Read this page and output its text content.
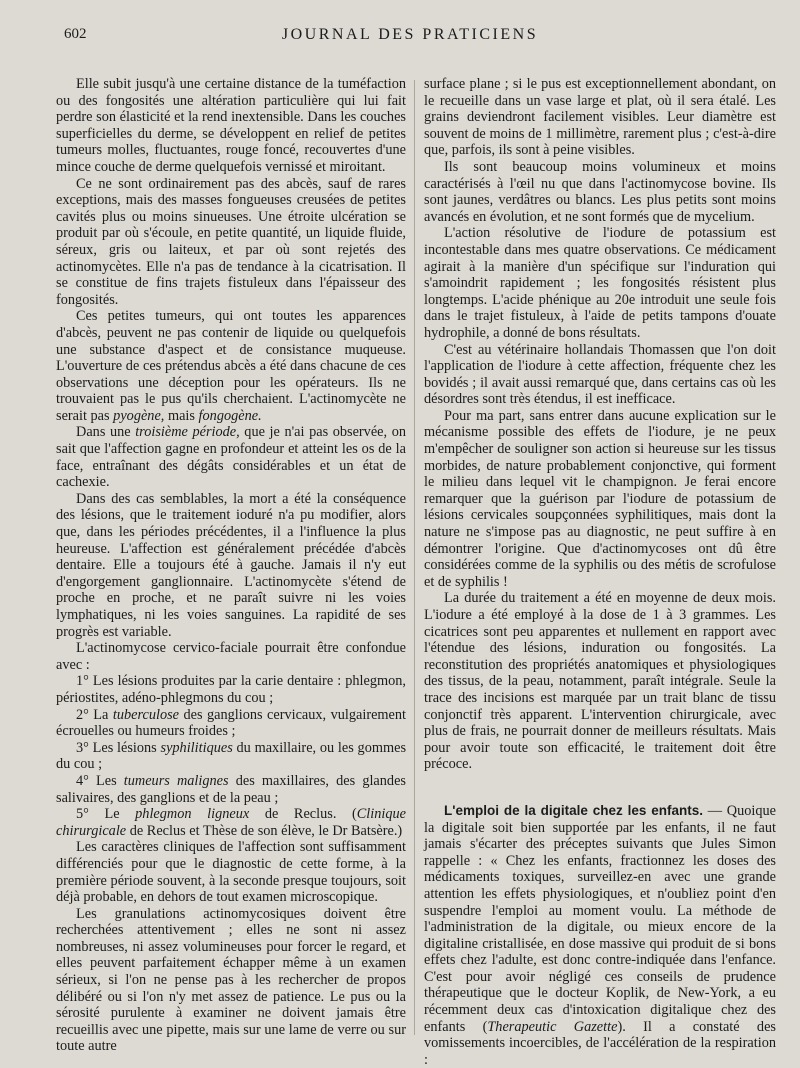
602	JOURNAL DES PRATICIENS

Elle subit jusqu'à une certaine distance de la tuméfaction ou des fongosités une altération particulière qui lui fait perdre son élasticité et la rend inextensible. Dans les couches superficielles du derme, se développent en relief de petites tumeurs molles, fluctuantes, rouge foncé, recouvertes d'une mince couche de derme quelquefois vernissé et miroitant.

Ce ne sont ordinairement pas des abcès, sauf de rares exceptions, mais des masses fongueuses creusées de petites cavités plus ou moins sinueuses. Une étroite ulcération se produit par où s'écoule, en petite quantité, un liquide fluide, séreux, gris ou laiteux, et par où sont rejetés des actinomycètes. Elle n'a pas de tendance à la cicatrisation. Il se constitue de fins trajets fistuleux dans l'épaisseur des fongosités.

Ces petites tumeurs, qui ont toutes les apparences d'abcès, peuvent ne pas contenir de liquide ou quelquefois une substance d'aspect et de consistance muqueuse. L'ouverture de ces prétendus abcès a été dans chacune de ces observations une déception pour les opérateurs. Ils ne trouvaient pas le pus qu'ils cherchaient. L'actinomycète ne serait pas pyogène, mais fongogène.

Dans une troisième période, que je n'ai pas observée, on sait que l'affection gagne en profondeur et atteint les os de la face, entraînant des dégâts considérables et un état de cachexie.

Dans des cas semblables, la mort a été la conséquence des lésions, que le traitement ioduré n'a pu modifier, alors que, dans les périodes précédentes, il a l'influence la plus heureuse. L'affection est généralement précédée d'abcès dentaire. Elle a toujours été à gauche. Jamais il n'y eut d'engorgement ganglionnaire. L'actinomycète s'étend de proche en proche, et ne paraît suivre ni les voies lymphatiques, ni les voies sanguines. La rapidité de ses progrès est variable.

L'actinomycose cervico-faciale pourrait être confondue avec :

1° Les lésions produites par la carie dentaire : phlegmon, périostites, adéno-phlegmons du cou ;

2° La tuberculose des ganglions cervicaux, vulgairement écrouelles ou humeurs froides ;

3° Les lésions syphilitiques du maxillaire, ou les gommes du cou ;

4° Les tumeurs malignes des maxillaires, des glandes salivaires, des ganglions et de la peau ;

5° Le phlegmon ligneux de Reclus. (Clinique chirurgicale de Reclus et Thèse de son élève, le Dr Batsère.)

Les caractères cliniques de l'affection sont suffisamment différenciés pour que le diagnostic de cette forme, à la première période souvent, à la seconde presque toujours, soit déjà probable, en dehors de tout examen microscopique.

Les granulations actinomycosiques doivent être recherchées attentivement ; elles ne sont ni assez nombreuses, ni assez volumineuses pour forcer le regard, et elles peuvent parfaitement échapper même à un examen sérieux, si l'on ne pense pas à les rechercher de propos délibéré ou si l'on n'y met assez de patience. Le pus ou la sérosité purulente à examiner ne doivent jamais être recueillis avec une pipette, mais sur une lame de verre ou sur toute autre

surface plane ; si le pus est exceptionnellement abondant, on le recueille dans un vase large et plat, où il sera étalé. Les grains deviendront facilement visibles. Leur diamètre est souvent de moins de 1 millimètre, rarement plus ; c'est-à-dire que, parfois, ils sont à peine visibles.

Ils sont beaucoup moins volumineux et moins caractérisés à l'œil nu que dans l'actinomycose bovine. Ils sont jaunes, verdâtres ou blancs. Les plus petits sont moins avancés en évolution, et ne sont formés que de mycelium.

L'action résolutive de l'iodure de potassium est incontestable dans mes quatre observations. Ce médicament agirait à la manière d'un spécifique sur l'induration qui s'amoindrit rapidement ; les fongosités résistent plus longtemps. L'acide phénique au 20e introduit une seule fois dans le trajet fistuleux, à l'aide de petits tampons d'ouate hydrophile, a donné de bons résultats.

C'est au vétérinaire hollandais Thomassen que l'on doit l'application de l'iodure à cette affection, fréquente chez les bovidés ; il avait aussi remarqué que, dans certains cas où les désordres sont très étendus, il est inefficace.

Pour ma part, sans entrer dans aucune explication sur le mécanisme possible des effets de l'iodure, je ne peux m'empêcher de souligner son action si heureuse sur les tissus morbides, de nature probablement conjonctive, qui forment le milieu dans lequel vit le champignon. Je ferai encore remarquer que la guérison par l'iodure de potassium de lésions cervicales soupçonnées syphilitiques, mais dont la nature ne s'impose pas au diagnostic, ne peut suffire à en démontrer l'origine. Que d'actinomycoses ont dû être considérées comme de la syphilis ou des métis de scrofulose et de syphilis !

La durée du traitement a été en moyenne de deux mois. L'iodure a été employé à la dose de 1 à 3 grammes. Les cicatrices sont peu apparentes et nullement en rapport avec l'étendue des lésions, induration ou fongosités. La reconstitution des propriétés anatomiques et physiologiques des tissus, de la peau, notamment, paraît intégrale. Seule la trace des incisions est marquée par un trait blanc de tissu conjonctif très apparent. L'intervention chirurgicale, avec plus de frais, ne pourrait donner de meilleurs résultats. Mais pour avoir toute son efficacité, le traitement doit être précoce.

L'emploi de la digitale chez les enfants. — Quoique la digitale soit bien supportée par les enfants, il ne faut jamais s'écarter des préceptes suivants que Jules Simon rappelle : « Chez les enfants, fractionnez les doses des médicaments toxiques, surveillez-en avec une grande attention les effets physiologiques, et n'oubliez point d'en suspendre l'emploi au moment voulu. La méthode de l'administration de la digitale, ou mieux encore de la digitaline cristallisée, en dose massive qui produit de si bons effets chez l'adulte, est donc contre-indiquée dans l'enfance. C'est pour avoir négligé ces conseils de prudence thérapeutique que le docteur Koplik, de New-York, a eu récemment deux cas d'intoxication digitalique chez des enfants (Therapeutic Gazette). Il a constaté des vomissements incoercibles, de l'accélération de la respiration :
